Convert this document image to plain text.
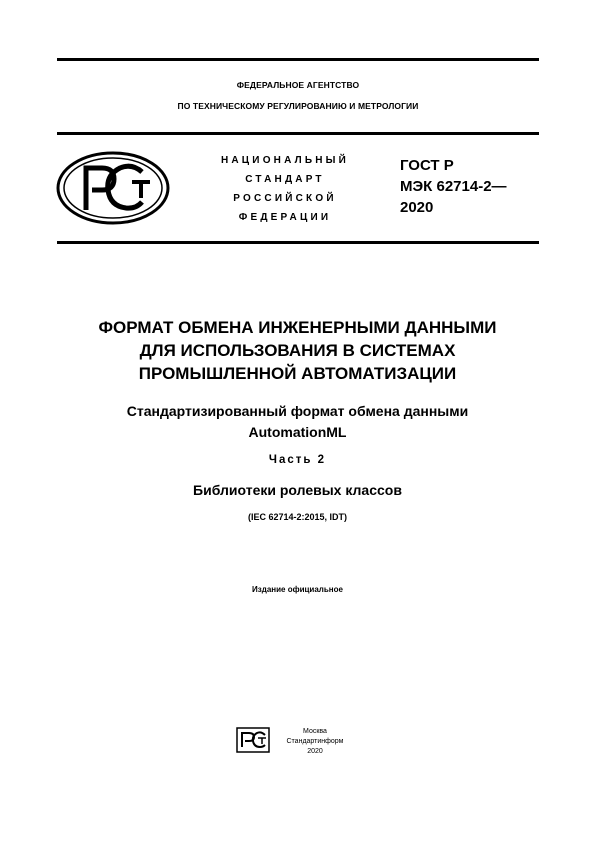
ФЕДЕРАЛЬНОЕ АГЕНТСТВО
ПО ТЕХНИЧЕСКОМУ РЕГУЛИРОВАНИЮ И МЕТРОЛОГИИ
НАЦИОНАЛЬНЫЙ
СТАНДАРТ
РОССИЙСКОЙ
ФЕДЕРАЦИИ
ГОСТ Р
МЭК 62714-2—
2020
ФОРМАТ ОБМЕНА ИНЖЕНЕРНЫМИ ДАННЫМИ
ДЛЯ ИСПОЛЬЗОВАНИЯ В СИСТЕМАХ
ПРОМЫШЛЕННОЙ АВТОМАТИЗАЦИИ
Стандартизированный формат обмена данными
AutomationML
Часть 2
Библиотеки ролевых классов
(IEC 62714-2:2015, IDT)
Издание официальное
Москва
Стандартинформ
2020
